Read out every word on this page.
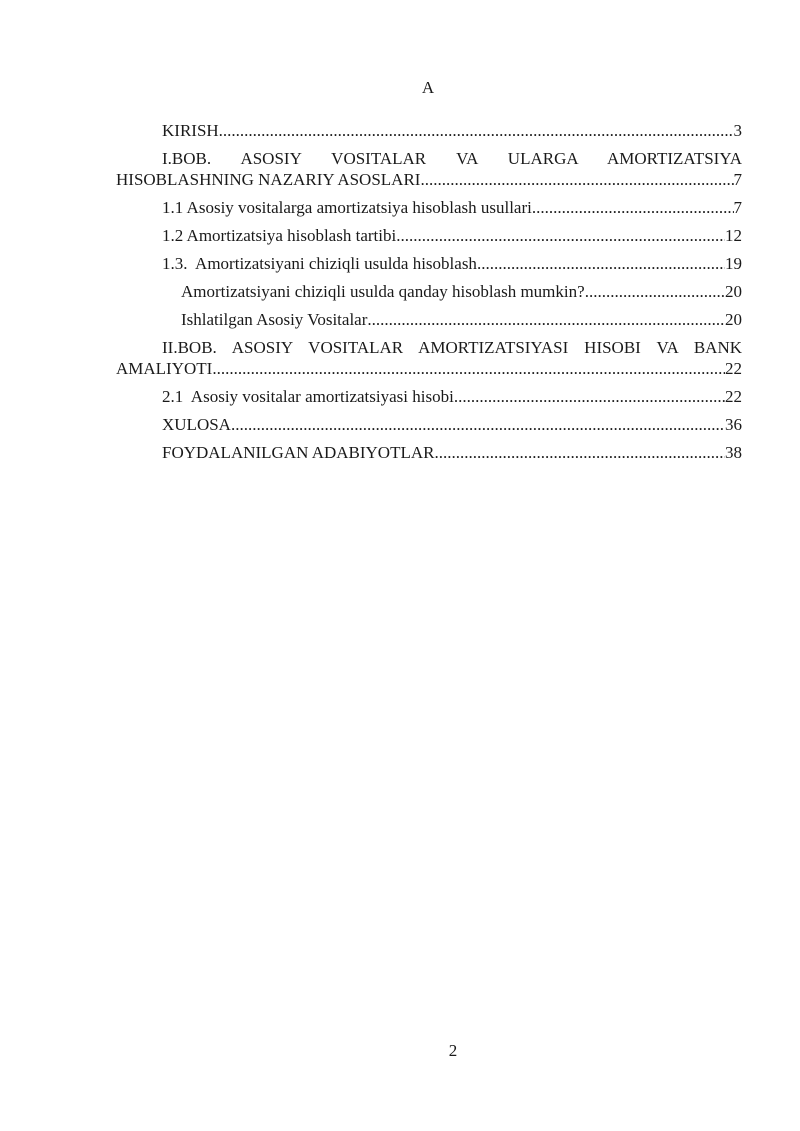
A
KIRISH .....	3
I.BOB. ASOSIY VOSITALAR VA ULARGA AMORTIZATSIYA
HISOBLASHNING NAZARIY ASOSLARI .....	7
1.1 Asosiy vositalarga amortizatsiya hisoblash usullari .....	7
1.2 Amortizatsiya hisoblash tartibi .....	12
1.3.  Amortizatsiyani chiziqli usulda hisoblash .....	19
Amortizatsiyani chiziqli usulda qanday hisoblash mumkin? .....	20
Ishlatilgan Asosiy Vositalar .....	20
II.BOB. ASOSIY VOSITALAR AMORTIZATSIYASI HISOBI VA BANK
AMALIYOTI .....	22
2.1  Asosiy vositalar amortizatsiyasi hisobi .....	22
XULOSA .....	36
FOYDALANILGAN ADABIYOTLAR .....	38
2
